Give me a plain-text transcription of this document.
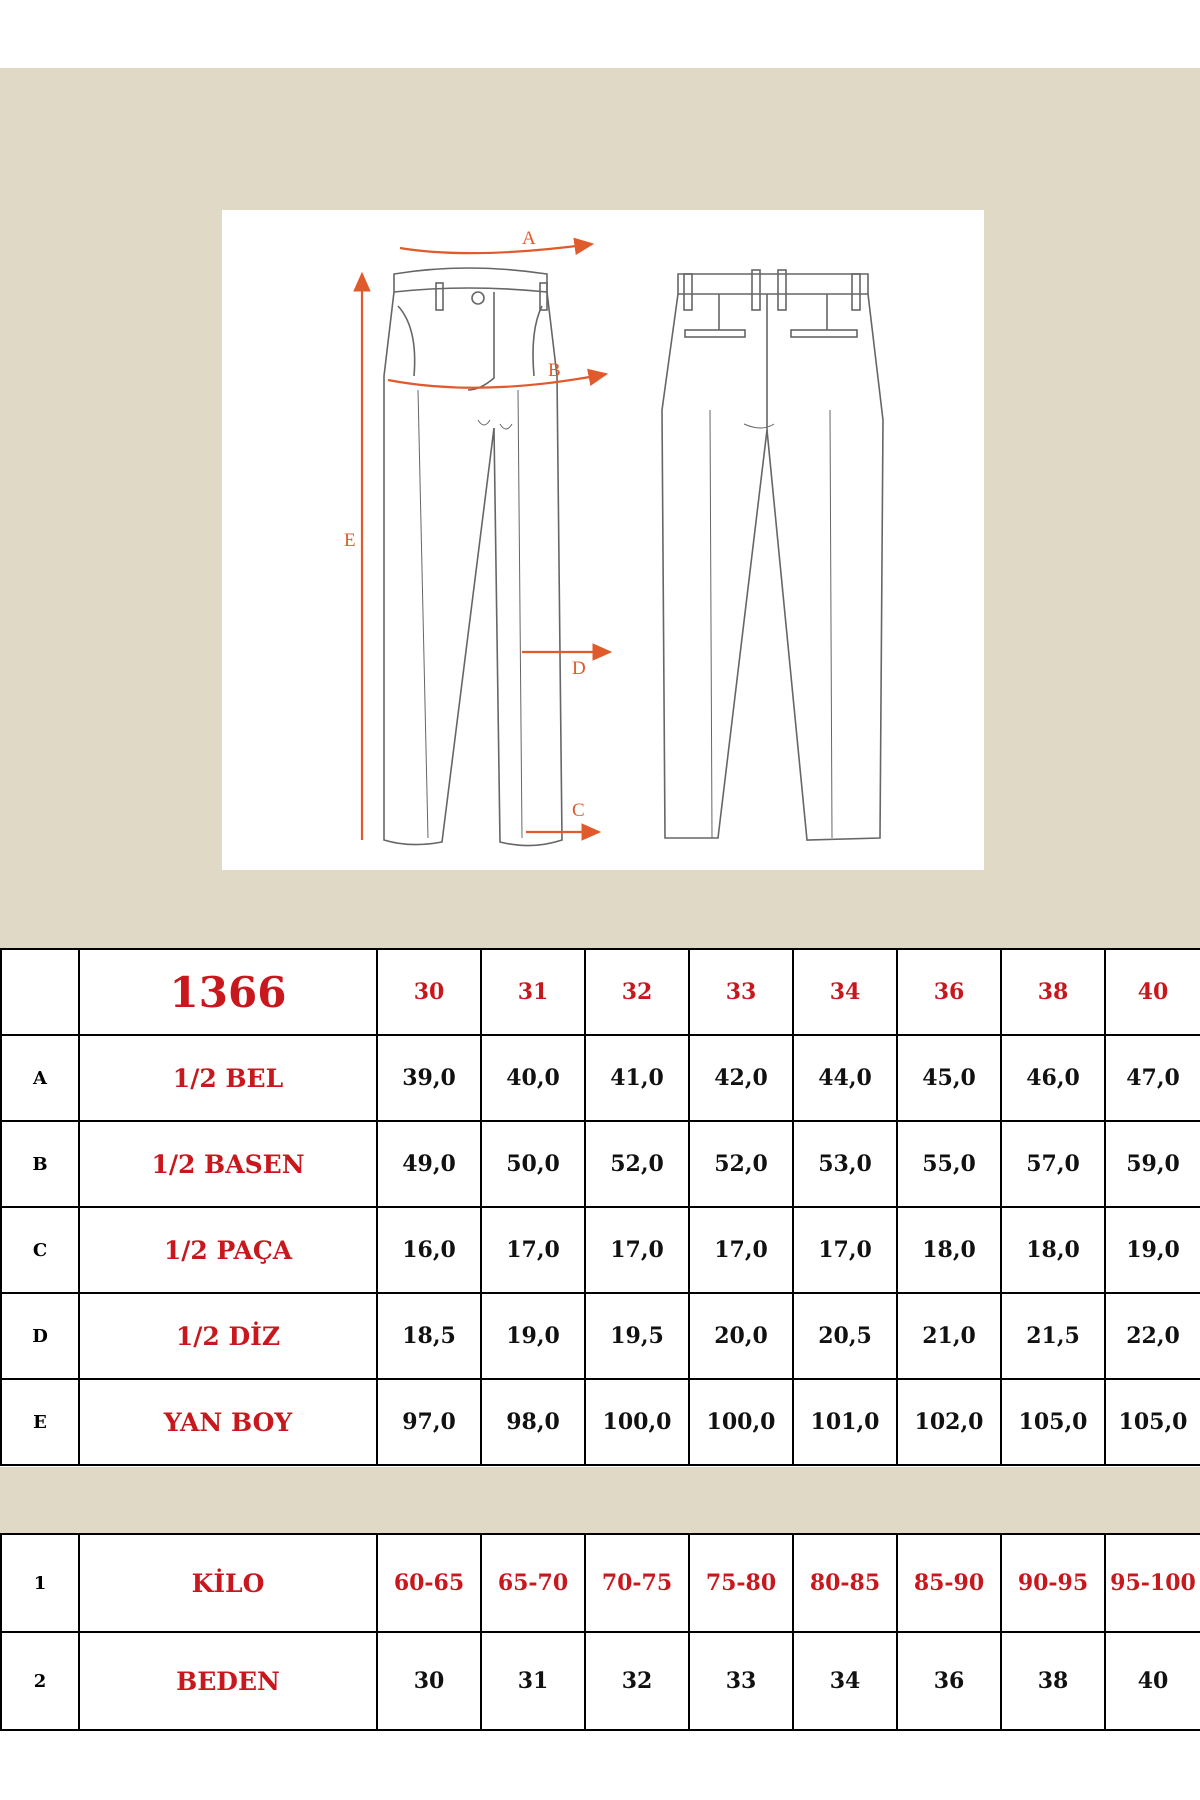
A
B
E
D
C
	1366	30	31	32	33	34	36	38	40
A	1/2 BEL	39,0	40,0	41,0	42,0	44,0	45,0	46,0	47,0
B	1/2 BASEN	49,0	50,0	52,0	52,0	53,0	55,0	57,0	59,0
C	1/2 PAÇA	16,0	17,0	17,0	17,0	17,0	18,0	18,0	19,0
D	1/2 DİZ	18,5	19,0	19,5	20,0	20,5	21,0	21,5	22,0
E	YAN BOY	97,0	98,0	100,0	100,0	101,0	102,0	105,0	105,0
1	KİLO	60-65	65-70	70-75	75-80	80-85	85-90	90-95	95-100
2	BEDEN	30	31	32	33	34	36	38	40
